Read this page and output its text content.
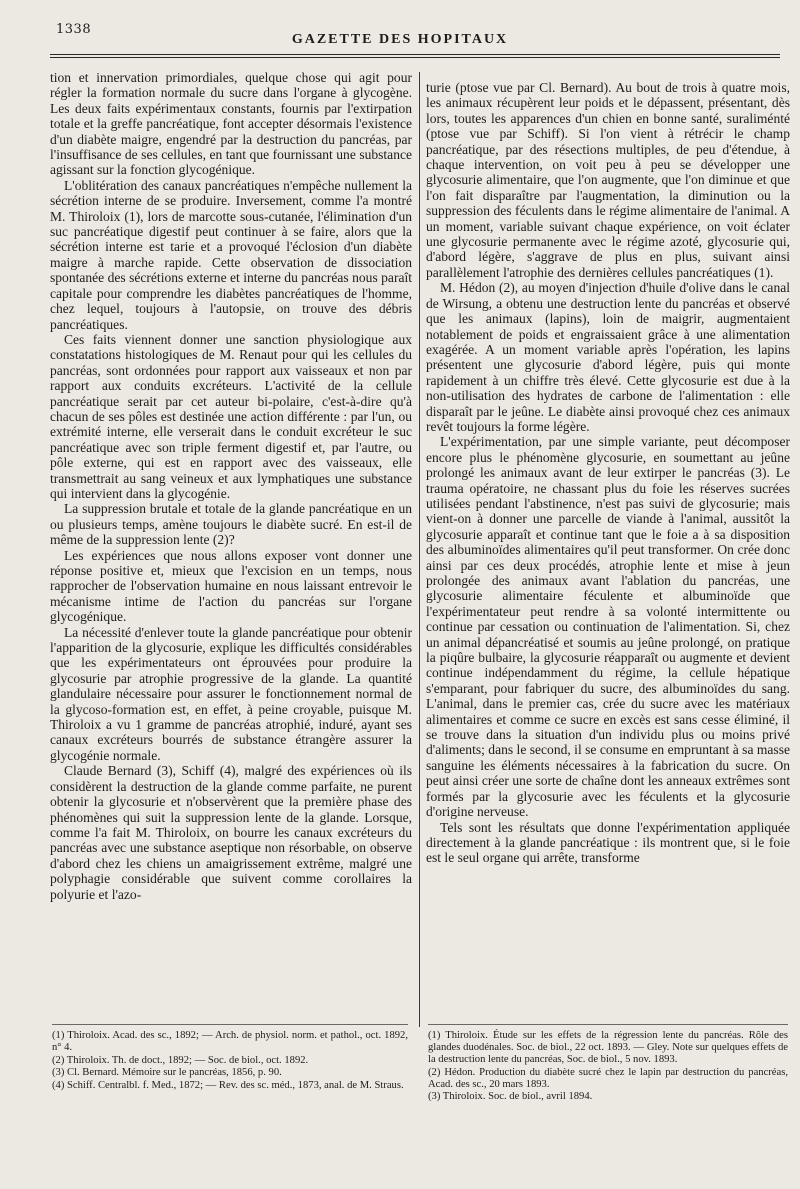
1338
GAZETTE DES HOPITAUX

tion et innervation primordiales, quelque chose qui agit pour régler la formation normale du sucre dans l'organe à glycogène. Les deux faits expérimentaux constants, fournis par l'extirpation totale et la greffe pancréatique, font accepter désormais l'existence d'un diabète maigre, engendré par la destruction du pancréas, par l'insuffisance de ses cellules, en tant que fournissant une substance agissant sur la fonction glycogénique.

L'oblitération des canaux pancréatiques n'empêche nullement la sécrétion interne de se produire. Inversement, comme l'a montré M. Thiroloix (1), lors de marcotte sous-cutanée, l'élimination d'un suc pancréatique digestif peut continuer à se faire, alors que la sécrétion interne est tarie et a provoqué l'éclosion d'un diabète maigre à marche rapide. Cette observation de dissociation spontanée des sécrétions externe et interne du pancréas nous paraît capitale pour comprendre les diabètes pancréatiques de l'homme, chez lequel, toujours à l'autopsie, on trouve des débris pancréatiques.

Ces faits viennent donner une sanction physiologique aux constatations histologiques de M. Renaut pour qui les cellules du pancréas, sont ordonnées pour rapport aux vaisseaux et non par rapport aux conduits excréteurs. L'activité de la cellule pancréatique serait par cet auteur bi-polaire, c'est-à-dire qu'à chacun de ses pôles est destinée une action différente : par l'un, ou extrémité interne, elle verserait dans le conduit excréteur le suc pancréatique avec son triple ferment digestif et, par l'autre, ou pôle externe, qui est en rapport avec des vaisseaux, elle transmettrait au sang veineux et aux lymphatiques une substance qui intervient dans la glycogénie.

La suppression brutale et totale de la glande pancréatique en un ou plusieurs temps, amène toujours le diabète sucré. En est-il de même de la suppression lente (2)?

Les expériences que nous allons exposer vont donner une réponse positive et, mieux que l'excision en un temps, nous rapprocher de l'observation humaine en nous laissant entrevoir le mécanisme intime de l'action du pancréas sur l'organe glycogénique.

La nécessité d'enlever toute la glande pancréatique pour obtenir l'apparition de la glycosurie, explique les difficultés considérables que les expérimentateurs ont éprouvées pour produire la glycosurie par atrophie progressive de la glande. La quantité glandulaire nécessaire pour assurer le fonctionnement normal de la glycoso-formation est, en effet, à peine croyable, puisque M. Thiroloix a vu 1 gramme de pancréas atrophié, induré, ayant ses canaux excréteurs bourrés de substance étrangère assurer la glycogénie normale.

Claude Bernard (3), Schiff (4), malgré des expériences où ils considèrent la destruction de la glande comme parfaite, ne purent obtenir la glycosurie et n'observèrent que la première phase des phénomènes qui suit la suppression lente de la glande. Lorsque, comme l'a fait M. Thiroloix, on bourre les canaux excréteurs du pancréas avec une substance aseptique non résorbable, on observe d'abord chez les chiens un amaigrissement extrême, malgré une polyphagie considérable que suivent comme corollaires la polyurie et l'azo-

turie (ptose vue par Cl. Bernard). Au bout de trois à quatre mois, les animaux récupèrent leur poids et le dépassent, présentant, dès lors, toutes les apparences d'un chien en bonne santé, suraliménté (ptose vue par Schiff). Si l'on vient à rétrécir le champ pancréatique, par des résections multiples, de peu d'étendue, à chaque intervention, on voit peu à peu se développer une glycosurie alimentaire, que l'on augmente, que l'on diminue et que l'on fait disparaître par l'augmentation, la diminution ou la suppression des féculents dans le régime alimentaire de l'animal. A un moment, variable suivant chaque expérience, on voit éclater une glycosurie permanente avec le régime azoté, glycosurie qui, d'abord légère, s'aggrave de plus en plus, suivant ainsi parallèlement l'atrophie des dernières cellules pancréatiques (1).

M. Hédon (2), au moyen d'injection d'huile d'olive dans le canal de Wirsung, a obtenu une destruction lente du pancréas et observé que les animaux (lapins), loin de maigrir, augmentaient notablement de poids et engraissaient grâce à une alimentation exagérée. A un moment variable après l'opération, les lapins présentent une glycosurie d'abord légère, puis qui monte rapidement à un chiffre très élevé. Cette glycosurie est due à la non-utilisation des hydrates de carbone de l'alimentation : elle disparaît par le jeûne. Le diabète ainsi provoqué chez ces animaux revêt toujours la forme légère.

L'expérimentation, par une simple variante, peut décomposer encore plus le phénomène glycosurie, en soumettant au jeûne prolongé les animaux avant de leur extirper le pancréas (3). Le trauma opératoire, ne chassant plus du foie les réserves sucrées utilisées pendant l'abstinence, n'est pas suivi de glycosurie; mais vient-on à donner une parcelle de viande à l'animal, aussitôt la glycosurie apparaît et continue tant que le foie a à sa disposition des albuminoïdes alimentaires qu'il peut transformer. On crée donc ainsi par ces deux procédés, atrophie lente et mise à jeun prolongée des animaux avant l'ablation du pancréas, une glycosurie alimentaire féculente et albuminoïde que l'expérimentateur peut rendre à sa volonté intermittente ou continue par cessation ou continuation de l'alimentation. Si, chez un animal dépancréatisé et soumis au jeûne prolongé, on pratique la piqûre bulbaire, la glycosurie réapparaît ou augmente et devient continue indépendamment du régime, la cellule hépatique s'emparant, pour fabriquer du sucre, des albuminoïdes du sang. L'animal, dans le premier cas, crée du sucre avec les matériaux alimentaires et comme ce sucre en excès est sans cesse éliminé, il se trouve dans la situation d'un individu plus ou moins privé d'aliments; dans le second, il se consume en empruntant à sa masse sanguine les éléments nécessaires à la fabrication du sucre. On peut ainsi créer une sorte de chaîne dont les anneaux extrêmes sont formés par la glycosurie avec les féculents et la glycosurie d'origine nerveuse.

Tels sont les résultats que donne l'expérimentation appliquée directement à la glande pancréatique : ils montrent que, si le foie est le seul organe qui arrête, transforme

(1) Thiroloix. Acad. des sc., 1892; — Arch. de physiol. norm. et pathol., oct. 1892, n° 4.

(2) Thiroloix. Th. de doct., 1892; — Soc. de biol., oct. 1892.

(3) Cl. Bernard. Mémoire sur le pancréas, 1856, p. 90.

(4) Schiff. Centralbl. f. Med., 1872; — Rev. des sc. méd., 1873, anal. de M. Straus.

(1) Thiroloix. Étude sur les effets de la régression lente du pancréas. Rôle des glandes duodénales. Soc. de biol., 22 oct. 1893. — Gley. Note sur quelques effets de la destruction lente du pancréas, Soc. de biol., 5 nov. 1893.

(2) Hédon. Production du diabète sucré chez le lapin par destruction du pancréas, Acad. des sc., 20 mars 1893.

(3) Thiroloix. Soc. de biol., avril 1894.
